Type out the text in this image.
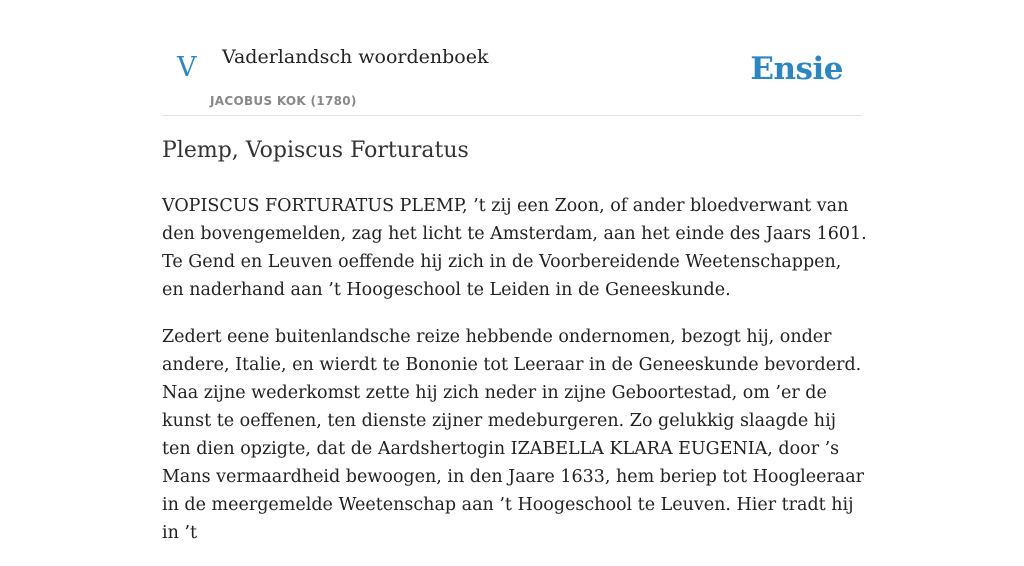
V Vaderlandsch woordenboek
JACOBUS KOK (1780)
Ensie
Plemp, Vopiscus Forturatus

VOPISCUS FORTURATUS PLEMP, ’t zij een Zoon, of ander bloedverwant van den bovengemelden, zag het licht te Amsterdam, aan het einde des Jaars 1601. Te Gend en Leuven oeffende hij zich in de Voorbereidende Weetenschappen, en naderhand aan ’t Hoogeschool te Leiden in de Geneeskunde.

Zedert eene buitenlandsche reize hebbende ondernomen, bezogt hij, onder andere, Italie, en wierdt te Bononie tot Leeraar in de Geneeskunde bevorderd. Naa zijne wederkomst zette hij zich neder in zijne Geboortestad, om ’er de kunst te oeffenen, ten dienste zijner medeburgeren. Zo gelukkig slaagde hij ten dien opzigte, dat de Aardshertogin IZABELLA KLARA EUGENIA, door ’s Mans vermaardheid bewoogen, in den Jaare 1633, hem beriep tot Hoogleeraar in de meergemelde Weetenschap aan ’t Hoogeschool te Leuven. Hier tradt hij in ’t
